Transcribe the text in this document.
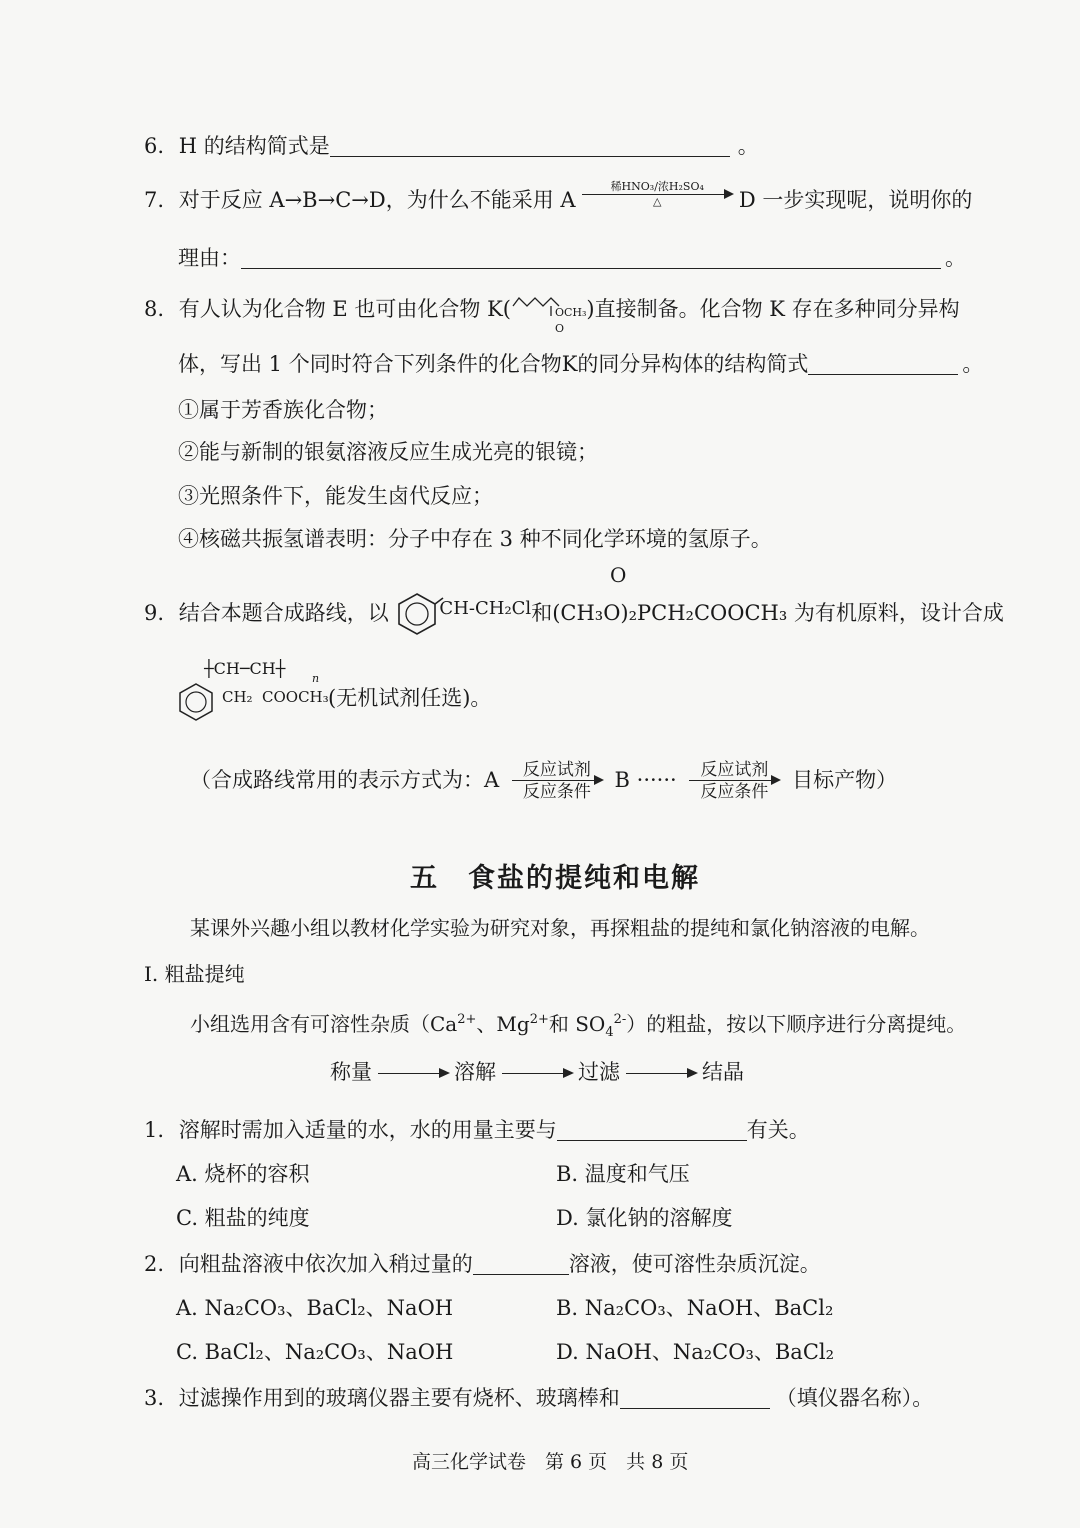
6. H 的结构简式是	。
7. 对于反应 A→B→C→D，为什么不能采用 A
稀HNO₃/浓H₂SO₄
△	D 一步实现呢，说明你的
理由：	。
8. 有人认为化合物 E 也可由化合物 K(	OCH₃)直接制备。化合物 K 存在多种同分异构
O
体，写出 1 个同时符合下列条件的化合物K的同分异构体的结构简式	。
①属于芳香族化合物；
②能与新制的银氨溶液反应生成光亮的银镜；
③光照条件下，能发生卤代反应；
④核磁共振氢谱表明：分子中存在 3 种不同化学环境的氢原子。
O
9. 结合本题合成路线，以	CH-CH₂Cl和(CH₃O)₂PCH₂COOCH₃ 为有机原料，设计合成
┼CH─CH┼
n
CH₂ COOCH₃ (无机试剂任选)。
（合成路线常用的表示方式为：A	反应试剂
反应条件	B ······	反应试剂
反应条件	目标产物）
五　食盐的提纯和电解
某课外兴趣小组以教材化学实验为研究对象，再探粗盐的提纯和氯化钠溶液的电解。
I. 粗盐提纯
小组选用含有可溶性杂质（$Ca^{2+}$、$Mg^{2+}$和 $SO_4^{2-}$）的粗盐，按以下顺序进行分离提纯。
称量	溶解	过滤	结晶
1. 溶解时需加入适量的水，水的用量主要与	有关。
A. 烧杯的容积	B. 温度和气压
C. 粗盐的纯度	D. 氯化钠的溶解度
2. 向粗盐溶液中依次加入稍过量的	溶液，使可溶性杂质沉淀。
A. Na₂CO₃、BaCl₂、NaOH	B. Na₂CO₃、NaOH、BaCl₂
C. BaCl₂、Na₂CO₃、NaOH	D. NaOH、Na₂CO₃、BaCl₂
3. 过滤操作用到的玻璃仪器主要有烧杯、玻璃棒和	（填仪器名称）。
高三化学试卷　第 6 页　共 8 页
